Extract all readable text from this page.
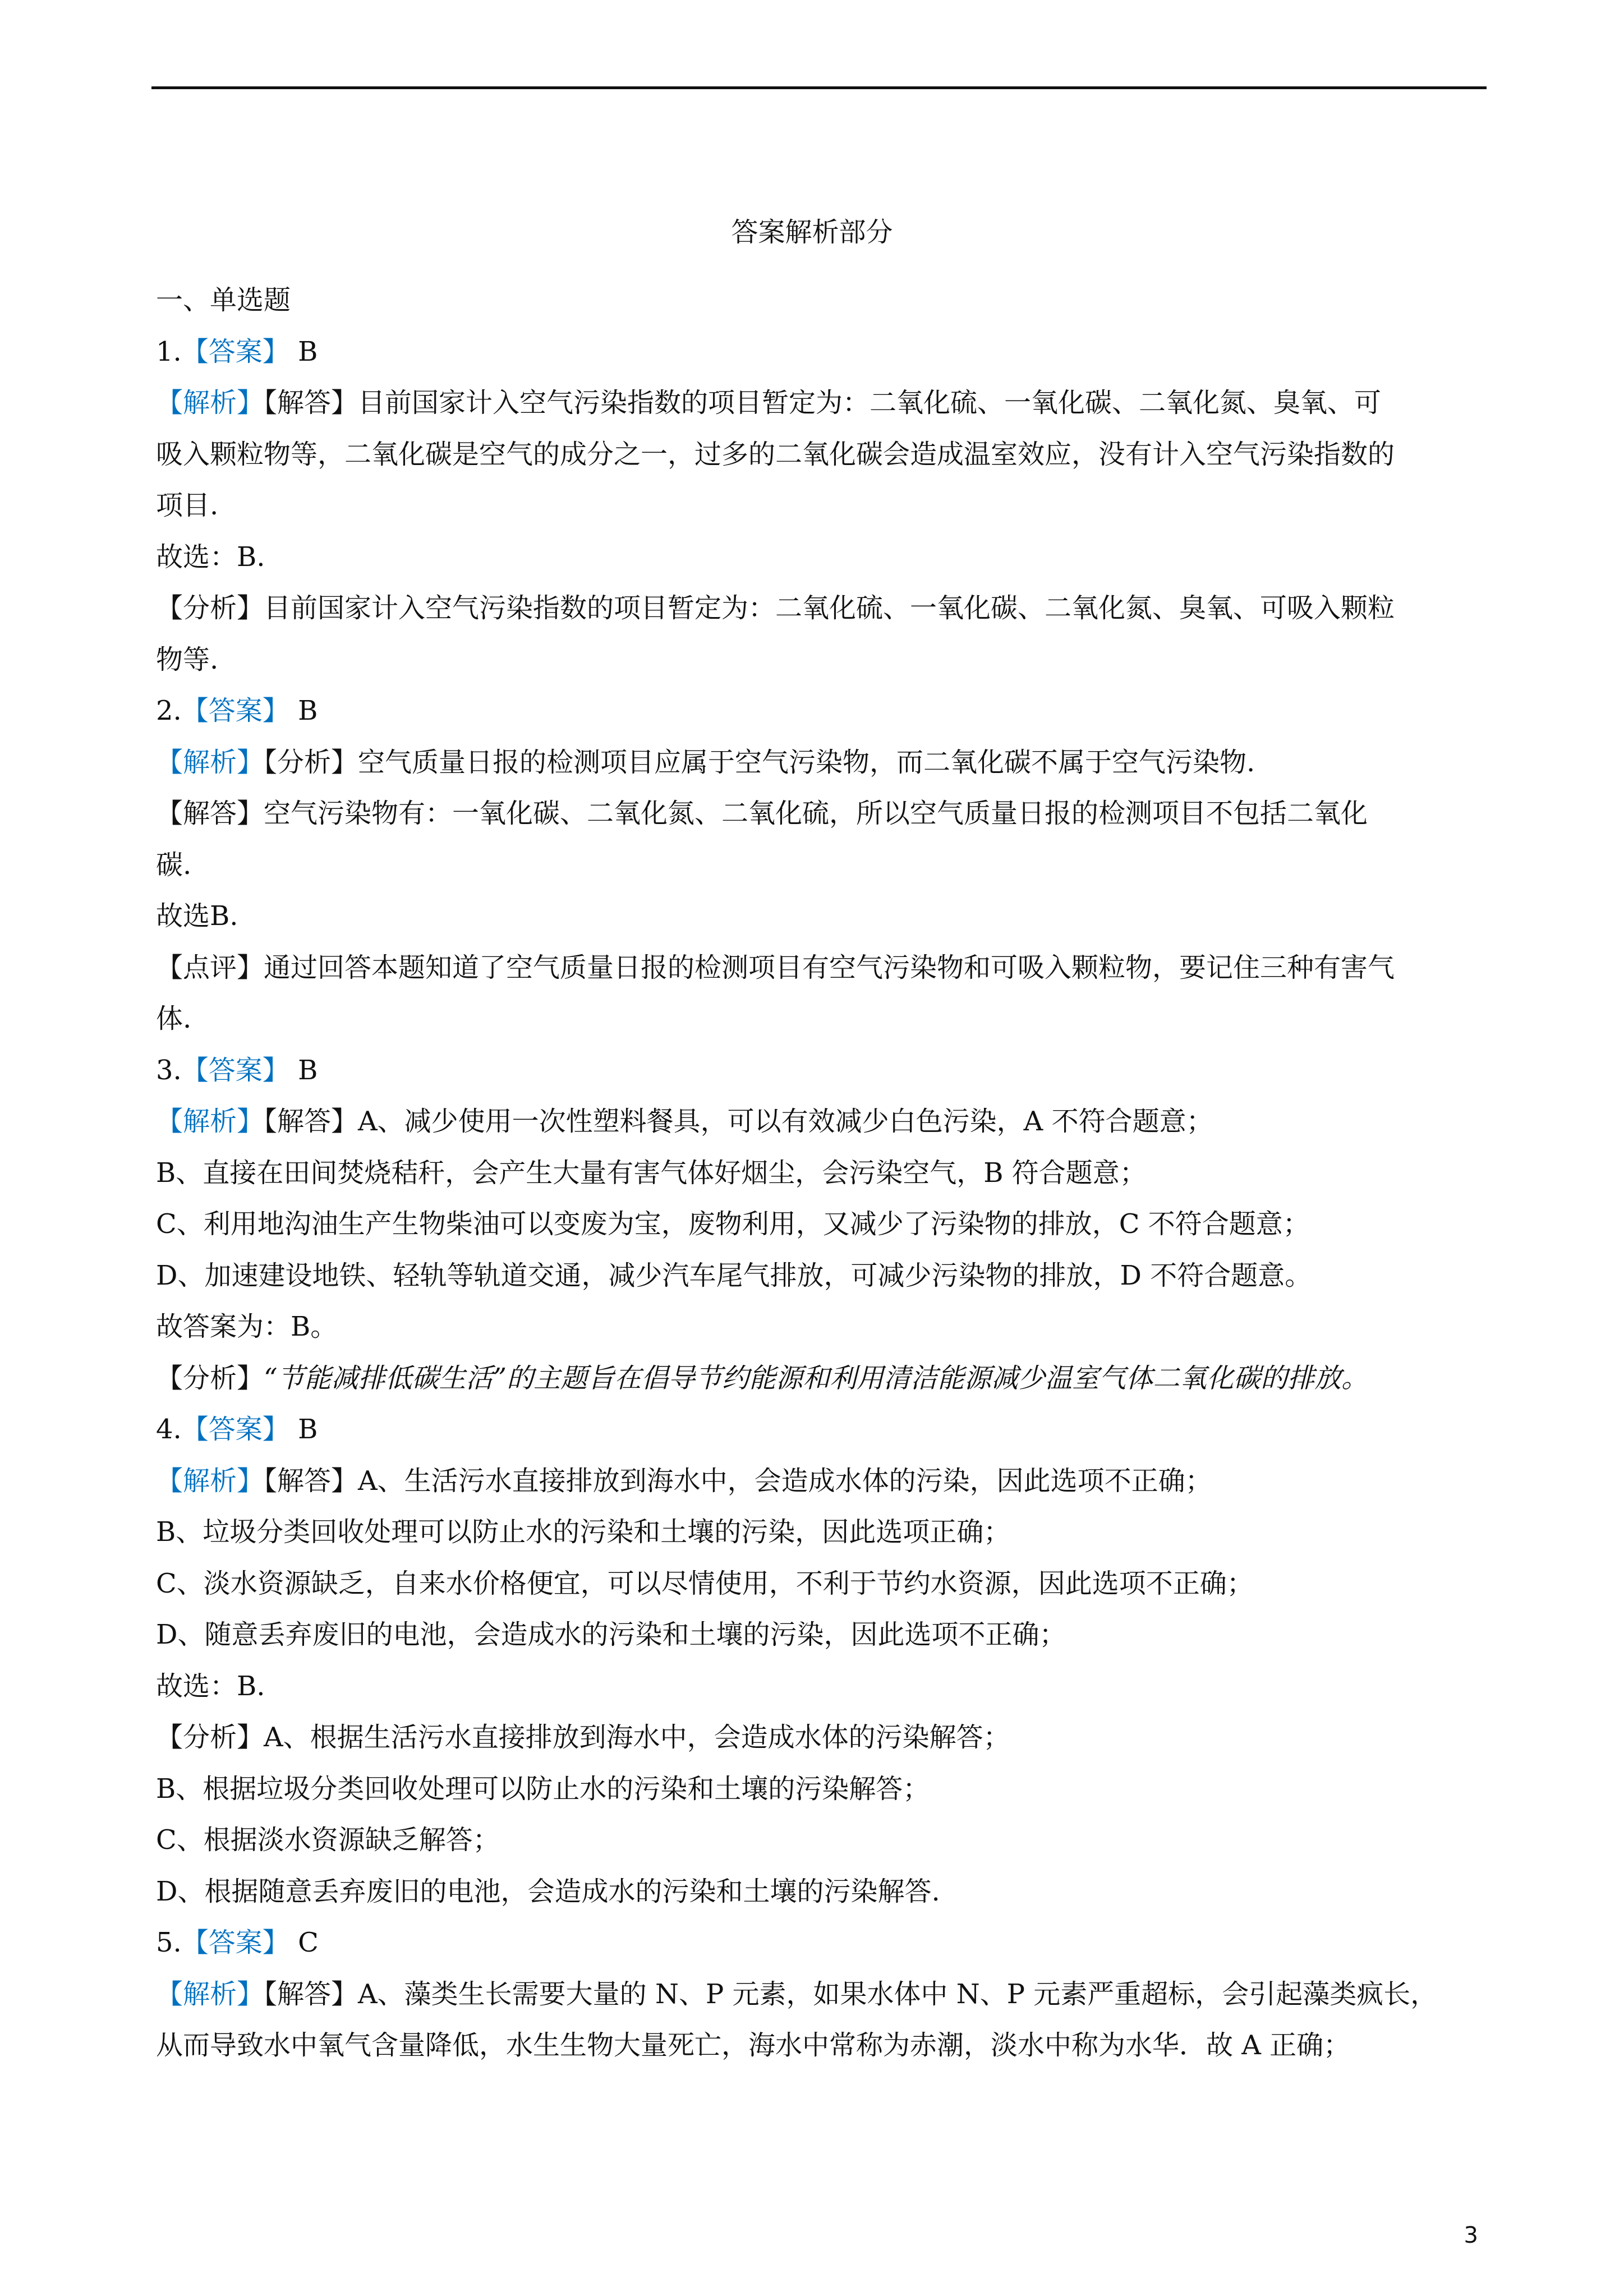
答案解析部分
一、单选题
1.【答案】 B
【解析】【解答】目前国家计入空气污染指数的项目暂定为：二氧化硫、一氧化碳、二氧化氮、臭氧、可
吸入颗粒物等，二氧化碳是空气的成分之一，过多的二氧化碳会造成温室效应，没有计入空气污染指数的
项目.
故选：B.
【分析】目前国家计入空气污染指数的项目暂定为：二氧化硫、一氧化碳、二氧化氮、臭氧、可吸入颗粒
物等.
2.【答案】 B
【解析】【分析】空气质量日报的检测项目应属于空气污染物，而二氧化碳不属于空气污染物.
【解答】空气污染物有：一氧化碳、二氧化氮、二氧化硫，所以空气质量日报的检测项目不包括二氧化
碳.
故选B.
【点评】通过回答本题知道了空气质量日报的检测项目有空气污染物和可吸入颗粒物，要记住三种有害气
体.
3.【答案】 B
【解析】【解答】A、减少使用一次性塑料餐具，可以有效减少白色污染，A 不符合题意；
B、直接在田间焚烧秸秆，会产生大量有害气体好烟尘，会污染空气，B 符合题意；
C、利用地沟油生产生物柴油可以变废为宝，废物利用，又减少了污染物的排放，C 不符合题意；
D、加速建设地铁、轻轨等轨道交通，减少汽车尾气排放，可减少污染物的排放，D 不符合题意。
故答案为：B。
【分析】“节能减排低碳生活”的主题旨在倡导节约能源和利用清洁能源减少温室气体二氧化碳的排放。
4.【答案】 B
【解析】【解答】A、生活污水直接排放到海水中，会造成水体的污染，因此选项不正确；
B、垃圾分类回收处理可以防止水的污染和土壤的污染，因此选项正确；
C、淡水资源缺乏，自来水价格便宜，可以尽情使用，不利于节约水资源，因此选项不正确；
D、随意丢弃废旧的电池，会造成水的污染和土壤的污染，因此选项不正确；
故选：B.
【分析】A、根据生活污水直接排放到海水中，会造成水体的污染解答；
B、根据垃圾分类回收处理可以防止水的污染和土壤的污染解答；
C、根据淡水资源缺乏解答；
D、根据随意丢弃废旧的电池，会造成水的污染和土壤的污染解答.
5.【答案】 C
【解析】【解答】A、藻类生长需要大量的 N、P 元素，如果水体中 N、P 元素严重超标，会引起藻类疯长，
从而导致水中氧气含量降低，水生生物大量死亡，海水中常称为赤潮，淡水中称为水华．故 A 正确；
3
